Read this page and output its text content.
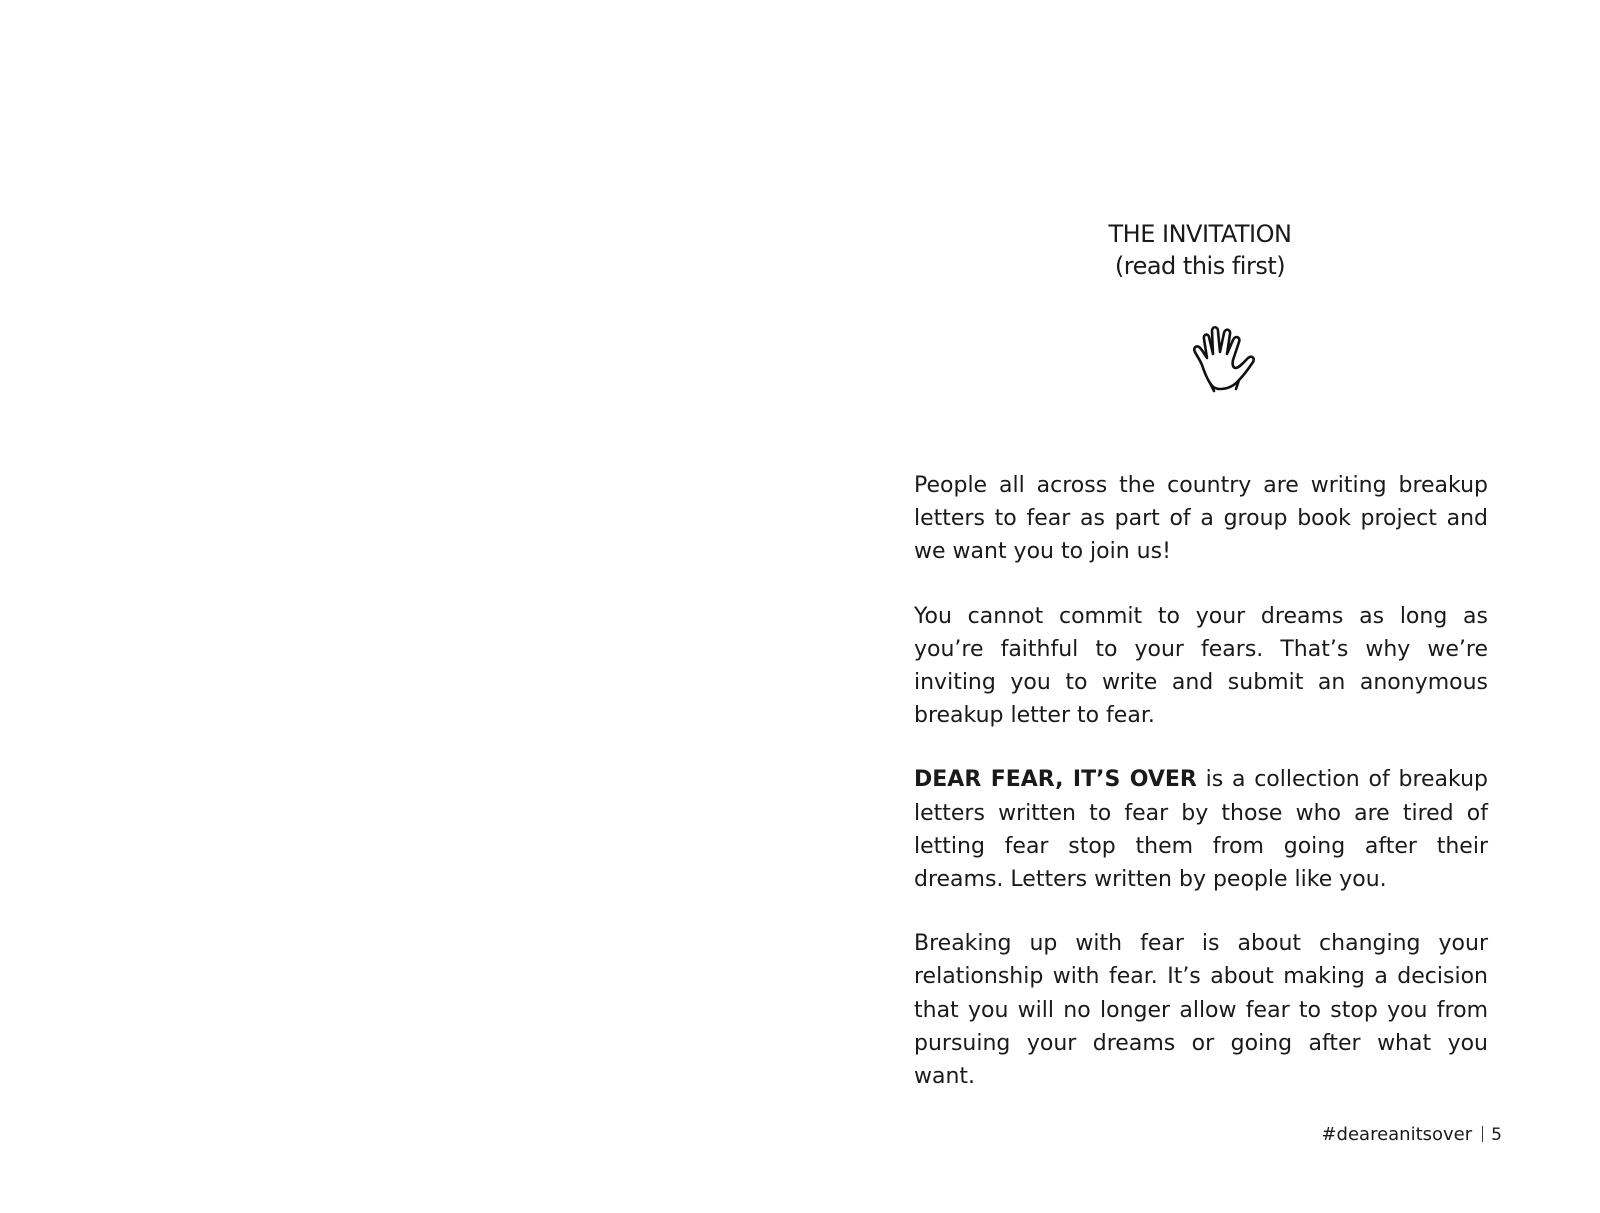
THE INVITATION
(read this first)

People all across the country are writing breakup letters to fear as part of a group book project and we want you to join us!

You cannot commit to your dreams as long as you’re faithful to your fears. That’s why we’re inviting you to write and submit an anonymous breakup letter to fear.

DEAR FEAR, IT’S OVER is a collection of breakup letters written to fear by those who are tired of letting fear stop them from going after their dreams. Letters written by people like you.

Breaking up with fear is about changing your relationship with fear. It’s about making a decision that you will no longer allow fear to stop you from pursuing your dreams or going after what you want.

#deareanitsover 5
